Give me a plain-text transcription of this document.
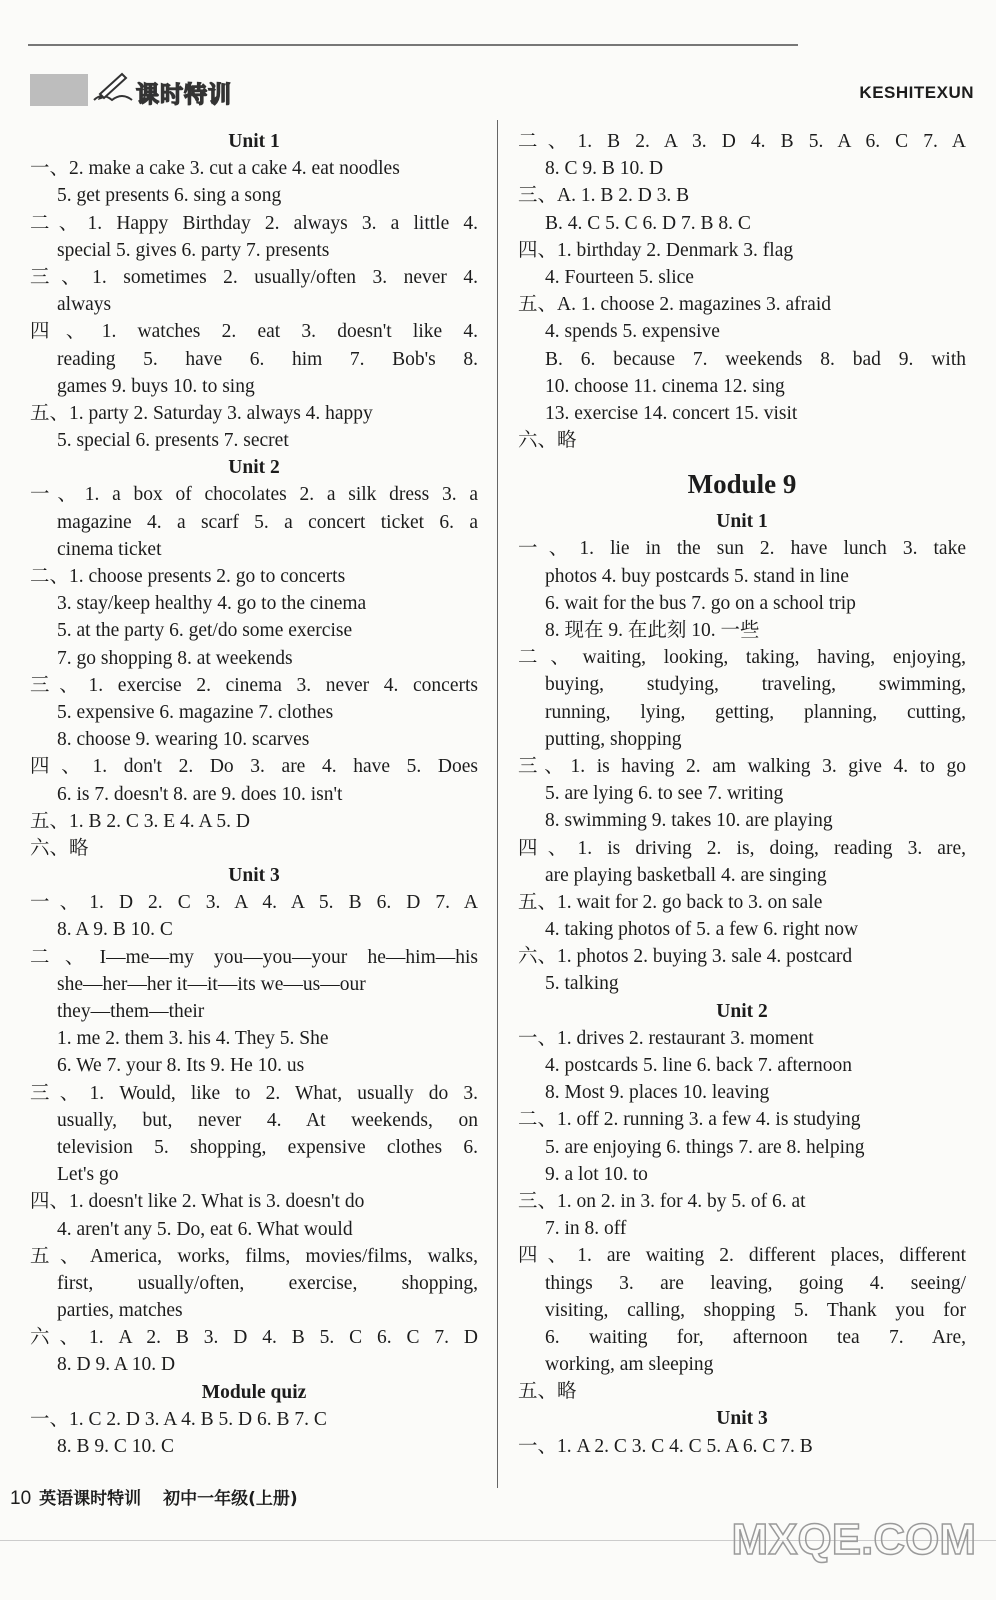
课时特训	KESHITEXUN
Unit 1
一、2. make a cake 3. cut a cake 4. eat noodles
5. get presents 6. sing a song
二、1. Happy Birthday 2. always 3. a little 4.
special 5. gives 6. party 7. presents
三、1. sometimes 2. usually/often 3. never 4.
always
四、1. watches 2. eat 3. doesn't like 4.
reading 5. have 6. him 7. Bob's 8.
games 9. buys 10. to sing
五、1. party 2. Saturday 3. always 4. happy
5. special 6. presents 7. secret
Unit 2
一、1. a box of chocolates 2. a silk dress 3. a
magazine 4. a scarf 5. a concert ticket 6. a
cinema ticket
二、1. choose presents 2. go to concerts
3. stay/keep healthy 4. go to the cinema
5. at the party 6. get/do some exercise
7. go shopping 8. at weekends
三、1. exercise 2. cinema 3. never 4. concerts
5. expensive 6. magazine 7. clothes
8. choose 9. wearing 10. scarves
四、1. don't 2. Do 3. are 4. have 5. Does
6. is 7. doesn't 8. are 9. does 10. isn't
五、1. B 2. C 3. E 4. A 5. D
六、略
Unit 3
一、1. D 2. C 3. A 4. A 5. B 6. D 7. A
8. A 9. B 10. C
二、I—me—my you—you—your he—him—his
she—her—her it—it—its we—us—our
they—them—their
1. me 2. them 3. his 4. They 5. She
6. We 7. your 8. Its 9. He 10. us
三、1. Would, like to 2. What, usually do 3.
usually, but, never 4. At weekends, on
television 5. shopping, expensive clothes 6.
Let's go
四、1. doesn't like 2. What is 3. doesn't do
4. aren't any 5. Do, eat 6. What would
五、America, works, films, movies/films, walks,
first, usually/often, exercise, shopping,
parties, matches
六、1. A 2. B 3. D 4. B 5. C 6. C 7. D
8. D 9. A 10. D
Module quiz
一、1. C 2. D 3. A 4. B 5. D 6. B 7. C
8. B 9. C 10. C
二、1. B 2. A 3. D 4. B 5. A 6. C 7. A
8. C 9. B 10. D
三、A. 1. B 2. D 3. B
B. 4. C 5. C 6. D 7. B 8. C
四、1. birthday 2. Denmark 3. flag
4. Fourteen 5. slice
五、A. 1. choose 2. magazines 3. afraid
4. spends 5. expensive
B. 6. because 7. weekends 8. bad 9. with
10. choose 11. cinema 12. sing
13. exercise 14. concert 15. visit
六、略
Module 9
Unit 1
一、1. lie in the sun 2. have lunch 3. take
photos 4. buy postcards 5. stand in line
6. wait for the bus 7. go on a school trip
8. 现在 9. 在此刻 10. 一些
二、waiting, looking, taking, having, enjoying,
buying, studying, traveling, swimming,
running, lying, getting, planning, cutting,
putting, shopping
三、1. is having 2. am walking 3. give 4. to go
5. are lying 6. to see 7. writing
8. swimming 9. takes 10. are playing
四、1. is driving 2. is, doing, reading 3. are,
are playing basketball 4. are singing
五、1. wait for 2. go back to 3. on sale
4. taking photos of 5. a few 6. right now
六、1. photos 2. buying 3. sale 4. postcard
5. talking
Unit 2
一、1. drives 2. restaurant 3. moment
4. postcards 5. line 6. back 7. afternoon
8. Most 9. places 10. leaving
二、1. off 2. running 3. a few 4. is studying
5. are enjoying 6. things 7. are 8. helping
9. a lot 10. to
三、1. on 2. in 3. for 4. by 5. of 6. at
7. in 8. off
四、1. are waiting 2. different places, different
things 3. are leaving, going 4. seeing/
visiting, calling, shopping 5. Thank you for
6. waiting for, afternoon tea 7. Are,
working, am sleeping
五、略
Unit 3
一、1. A 2. C 3. C 4. C 5. A 6. C 7. B
10 英语课时特训 初中一年级(上册)
MXQE.COM
